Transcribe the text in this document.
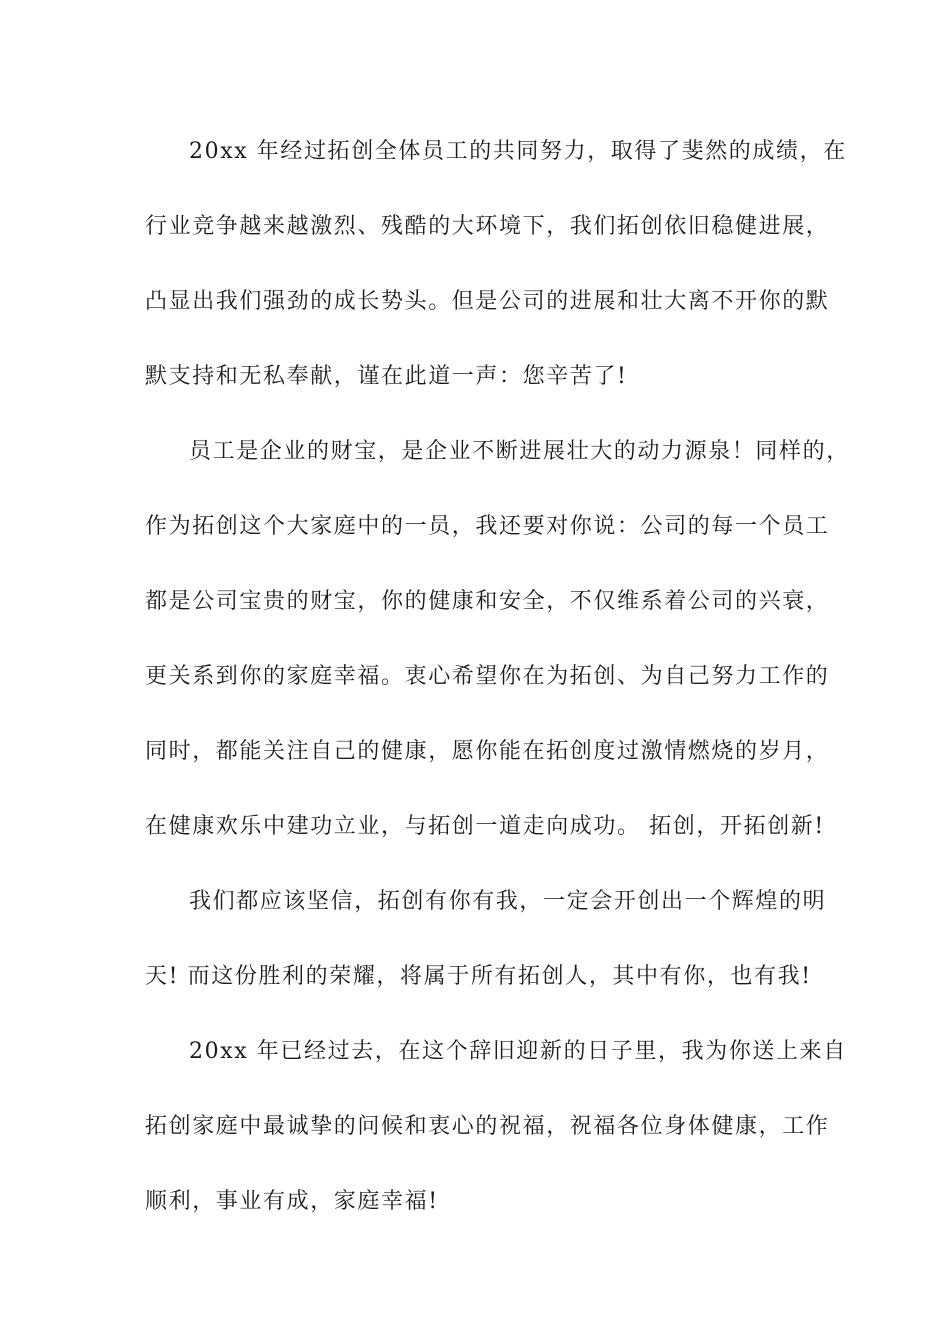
20xx 年经过拓创全体员工的共同努力，取得了斐然的成绩，在
行业竞争越来越激烈、残酷的大环境下，我们拓创依旧稳健进展，
凸显出我们强劲的成长势头。但是公司的进展和壮大离不开你的默
默支持和无私奉献，谨在此道一声：您辛苦了!
员工是企业的财宝，是企业不断进展壮大的动力源泉！同样的，
作为拓创这个大家庭中的一员，我还要对你说：公司的每一个员工
都是公司宝贵的财宝，你的健康和安全，不仅维系着公司的兴衰，
更关系到你的家庭幸福。衷心希望你在为拓创、为自己努力工作的
同时，都能关注自己的健康，愿你能在拓创度过激情燃烧的岁月，
在健康欢乐中建功立业，与拓创一道走向成功。 拓创，开拓创新!
我们都应该坚信，拓创有你有我，一定会开创出一个辉煌的明
天! 而这份胜利的荣耀，将属于所有拓创人，其中有你，也有我!
20xx 年已经过去，在这个辞旧迎新的日子里，我为你送上来自
拓创家庭中最诚挚的问候和衷心的祝福，祝福各位身体健康，工作
顺利，事业有成，家庭幸福!
